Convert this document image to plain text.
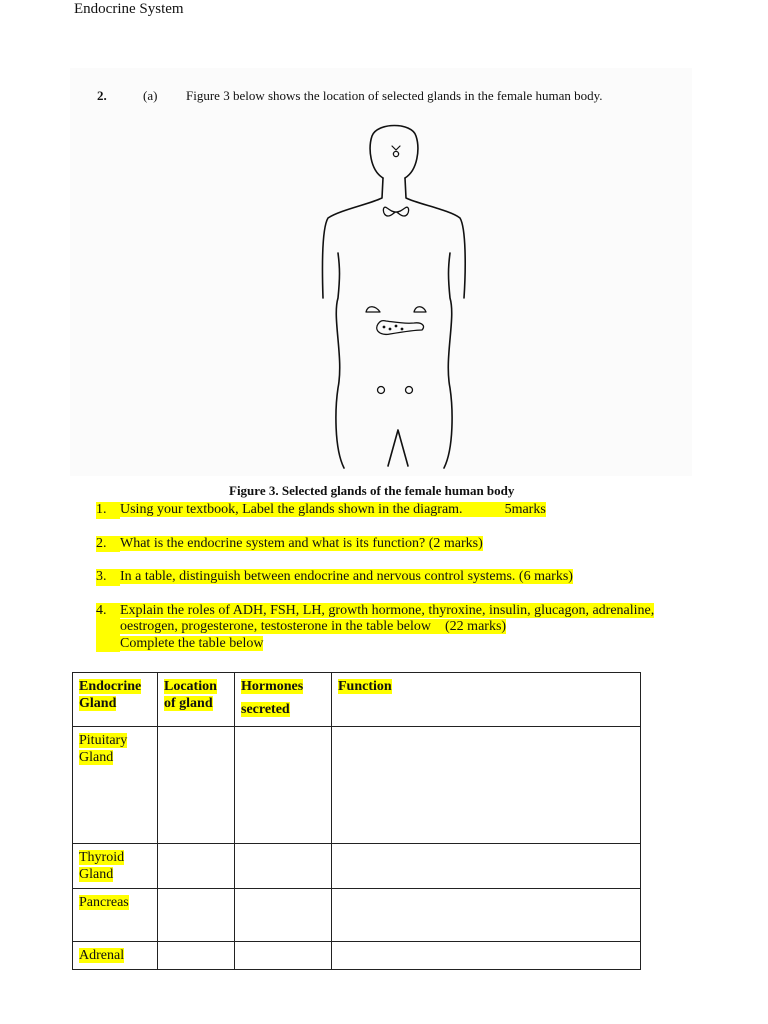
Endocrine System
2.	(a) Figure 3 below shows the location of selected glands in the female human body.
Figure 3. Selected glands of the female human body
1. Using your textbook, Label the glands shown in the diagram.	5marks
2. What is the endocrine system and what is its function? (2 marks)
3. In a table, distinguish between endocrine and nervous control systems. (6 marks)
4. Explain the roles of ADH, FSH, LH, growth hormone, thyroxine, insulin, glucagon, adrenaline, oestrogen, progesterone, testosterone in the table below (22 marks)
Complete the table below
Endocrine Gland	Location of gland	Hormones secreted	Function
Pituitary Gland			
Thyroid Gland			
Pancreas			
Adrenal			
